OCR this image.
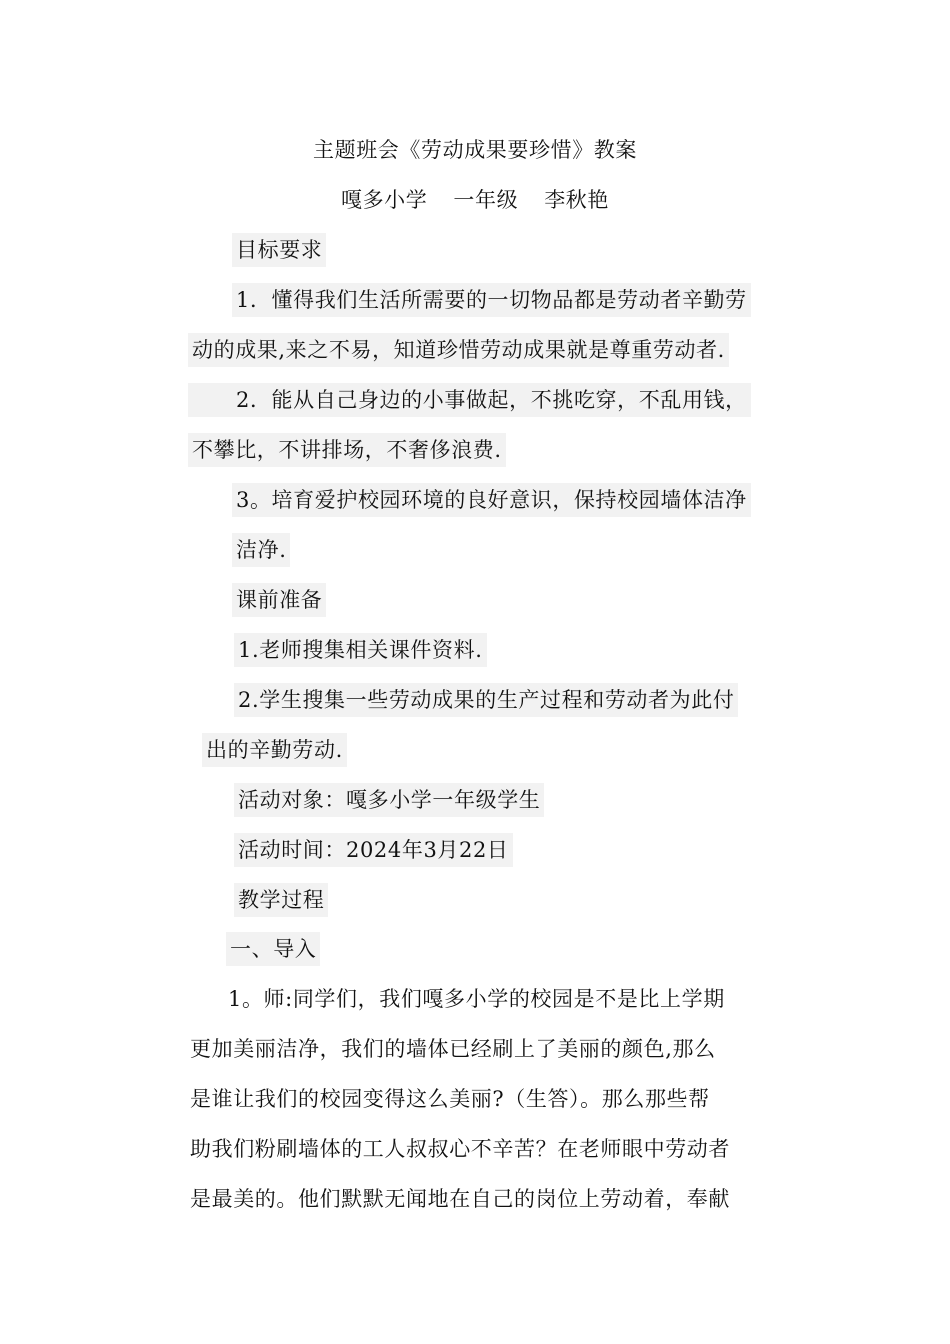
主题班会《劳动成果要珍惜》教案
嘎多小学 一年级 李秋艳
目标要求
1．懂得我们生活所需要的一切物品都是劳动者辛勤劳
动的成果,来之不易，知道珍惜劳动成果就是尊重劳动者.
2．能从自己身边的小事做起，不挑吃穿，不乱用钱，
不攀比，不讲排场，不奢侈浪费.
3。培育爱护校园环境的良好意识，保持校园墙体洁净
洁净.
课前准备
1.老师搜集相关课件资料.
2.学生搜集一些劳动成果的生产过程和劳动者为此付
出的辛勤劳动.
活动对象：嘎多小学一年级学生
活动时间：2024年3月22日
教学过程
一、导入
1。师:同学们，我们嘎多小学的校园是不是比上学期
更加美丽洁净，我们的墙体已经刷上了美丽的颜色,那么
是谁让我们的校园变得这么美丽?（生答）。那么那些帮
助我们粉刷墙体的工人叔叔心不辛苦？在老师眼中劳动者
是最美的。他们默默无闻地在自己的岗位上劳动着，奉献
